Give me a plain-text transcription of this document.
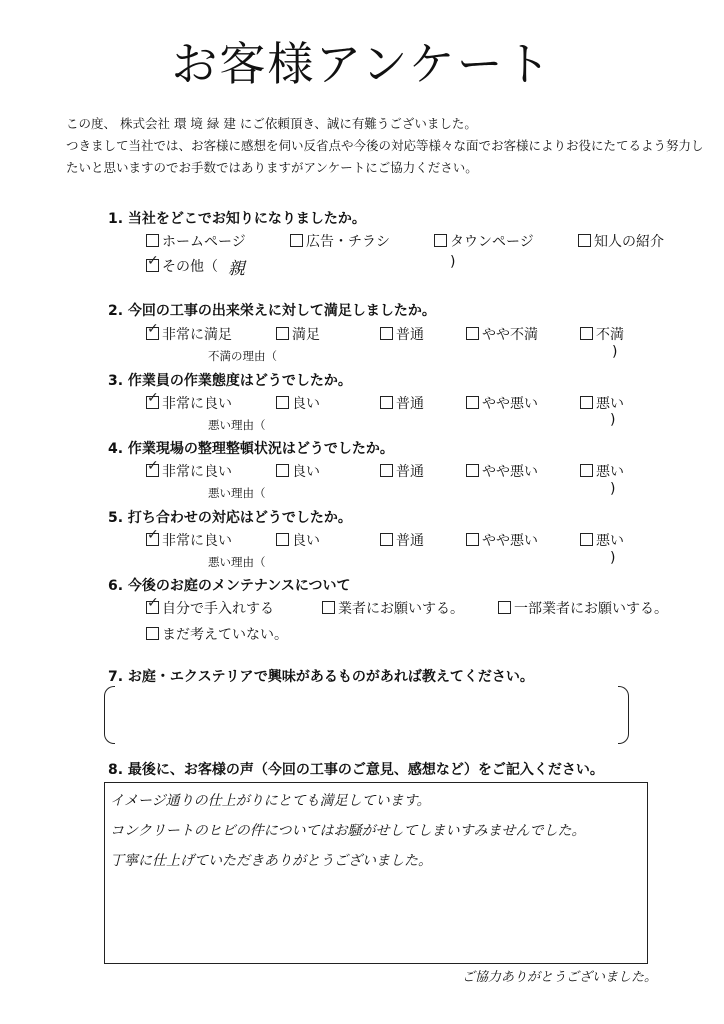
お客様アンケート
この度、 株式会社 環 境 緑 建 にご依頼頂き、誠に有難うございました。
つきまして当社では、お客様に感想を伺い反省点や今後の対応等様々な面でお客様によりお役にたてるよう努力し
たいと思いますのでお手数ではありますがアンケートにご協力ください。
1. 当社をどこでお知りになりましたか。
ホームページ	広告・チラシ	タウンページ	知人の紹介
✓その他（ 親	)
2. 今回の工事の出来栄えに対して満足しましたか。
✓非常に満足	満足	普通	やや不満	不満
不満の理由（	)
3. 作業員の作業態度はどうでしたか。
✓非常に良い	良い	普通	やや悪い	悪い
悪い理由（	)
4. 作業現場の整理整頓状況はどうでしたか。
✓非常に良い	良い	普通	やや悪い	悪い
悪い理由（	)
5. 打ち合わせの対応はどうでしたか。
✓非常に良い	良い	普通	やや悪い	悪い
悪い理由（	)
6. 今後のお庭のメンテナンスについて
✓自分で手入れする	業者にお願いする。	一部業者にお願いする。
まだ考えていない。
7. お庭・エクステリアで興味があるものがあれば教えてください。
8. 最後に、お客様の声（今回の工事のご意見、感想など）をご記入ください。
イメージ通りの仕上がりにとても満足しています。
コンクリートのヒビの件についてはお騒がせしてしまいすみませんでした。
丁寧に仕上げていただきありがとうございました。
ご協力ありがとうございました。
